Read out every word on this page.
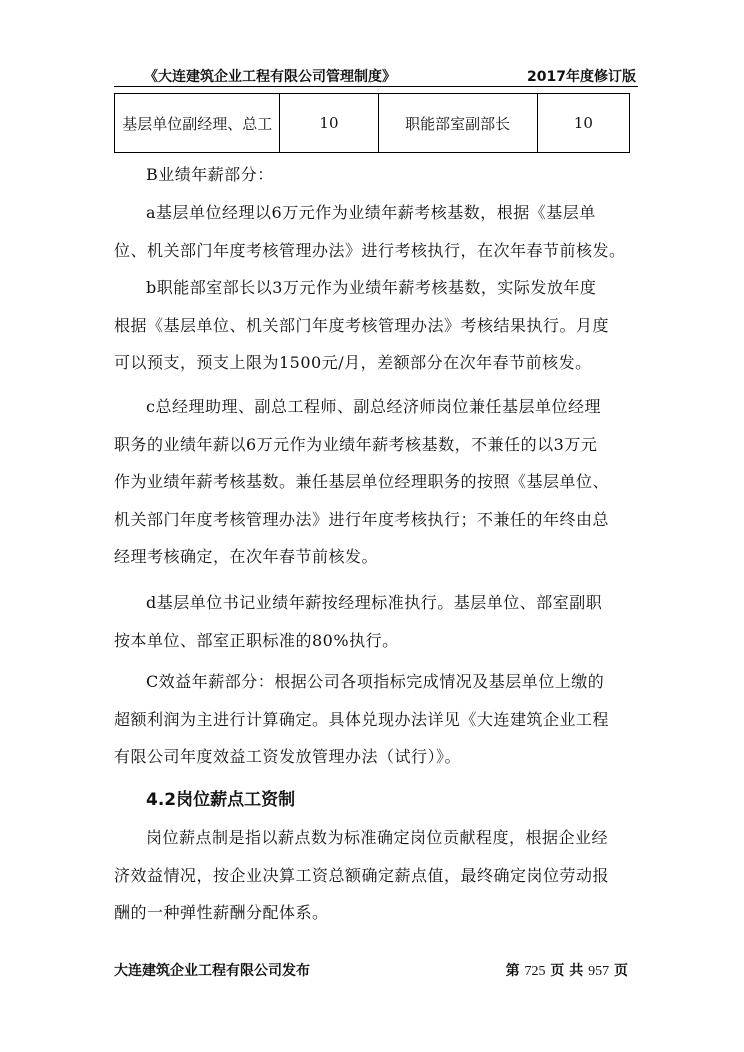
《大连建筑企业工程有限公司管理制度》	2017年度修订版
基层单位副经理、总工	10	职能部室副部长	10
B业绩年薪部分：
a基层单位经理以6万元作为业绩年薪考核基数，根据《基层单
位、机关部门年度考核管理办法》进行考核执行，在次年春节前核发。
b职能部室部长以3万元作为业绩年薪考核基数，实际发放年度
根据《基层单位、机关部门年度考核管理办法》考核结果执行。月度
可以预支，预支上限为1500元/月，差额部分在次年春节前核发。
c总经理助理、副总工程师、副总经济师岗位兼任基层单位经理
职务的业绩年薪以6万元作为业绩年薪考核基数，不兼任的以3万元
作为业绩年薪考核基数。兼任基层单位经理职务的按照《基层单位、
机关部门年度考核管理办法》进行年度考核执行；不兼任的年终由总
经理考核确定，在次年春节前核发。
d基层单位书记业绩年薪按经理标准执行。基层单位、部室副职
按本单位、部室正职标准的80%执行。
C效益年薪部分：根据公司各项指标完成情况及基层单位上缴的
超额利润为主进行计算确定。具体兑现办法详见《大连建筑企业工程
有限公司年度效益工资发放管理办法（试行）》。
4.2岗位薪点工资制
岗位薪点制是指以薪点数为标准确定岗位贡献程度，根据企业经
济效益情况，按企业决算工资总额确定薪点值，最终确定岗位劳动报
酬的一种弹性薪酬分配体系。
大连建筑企业工程有限公司发布	第 725 页 共 957 页
